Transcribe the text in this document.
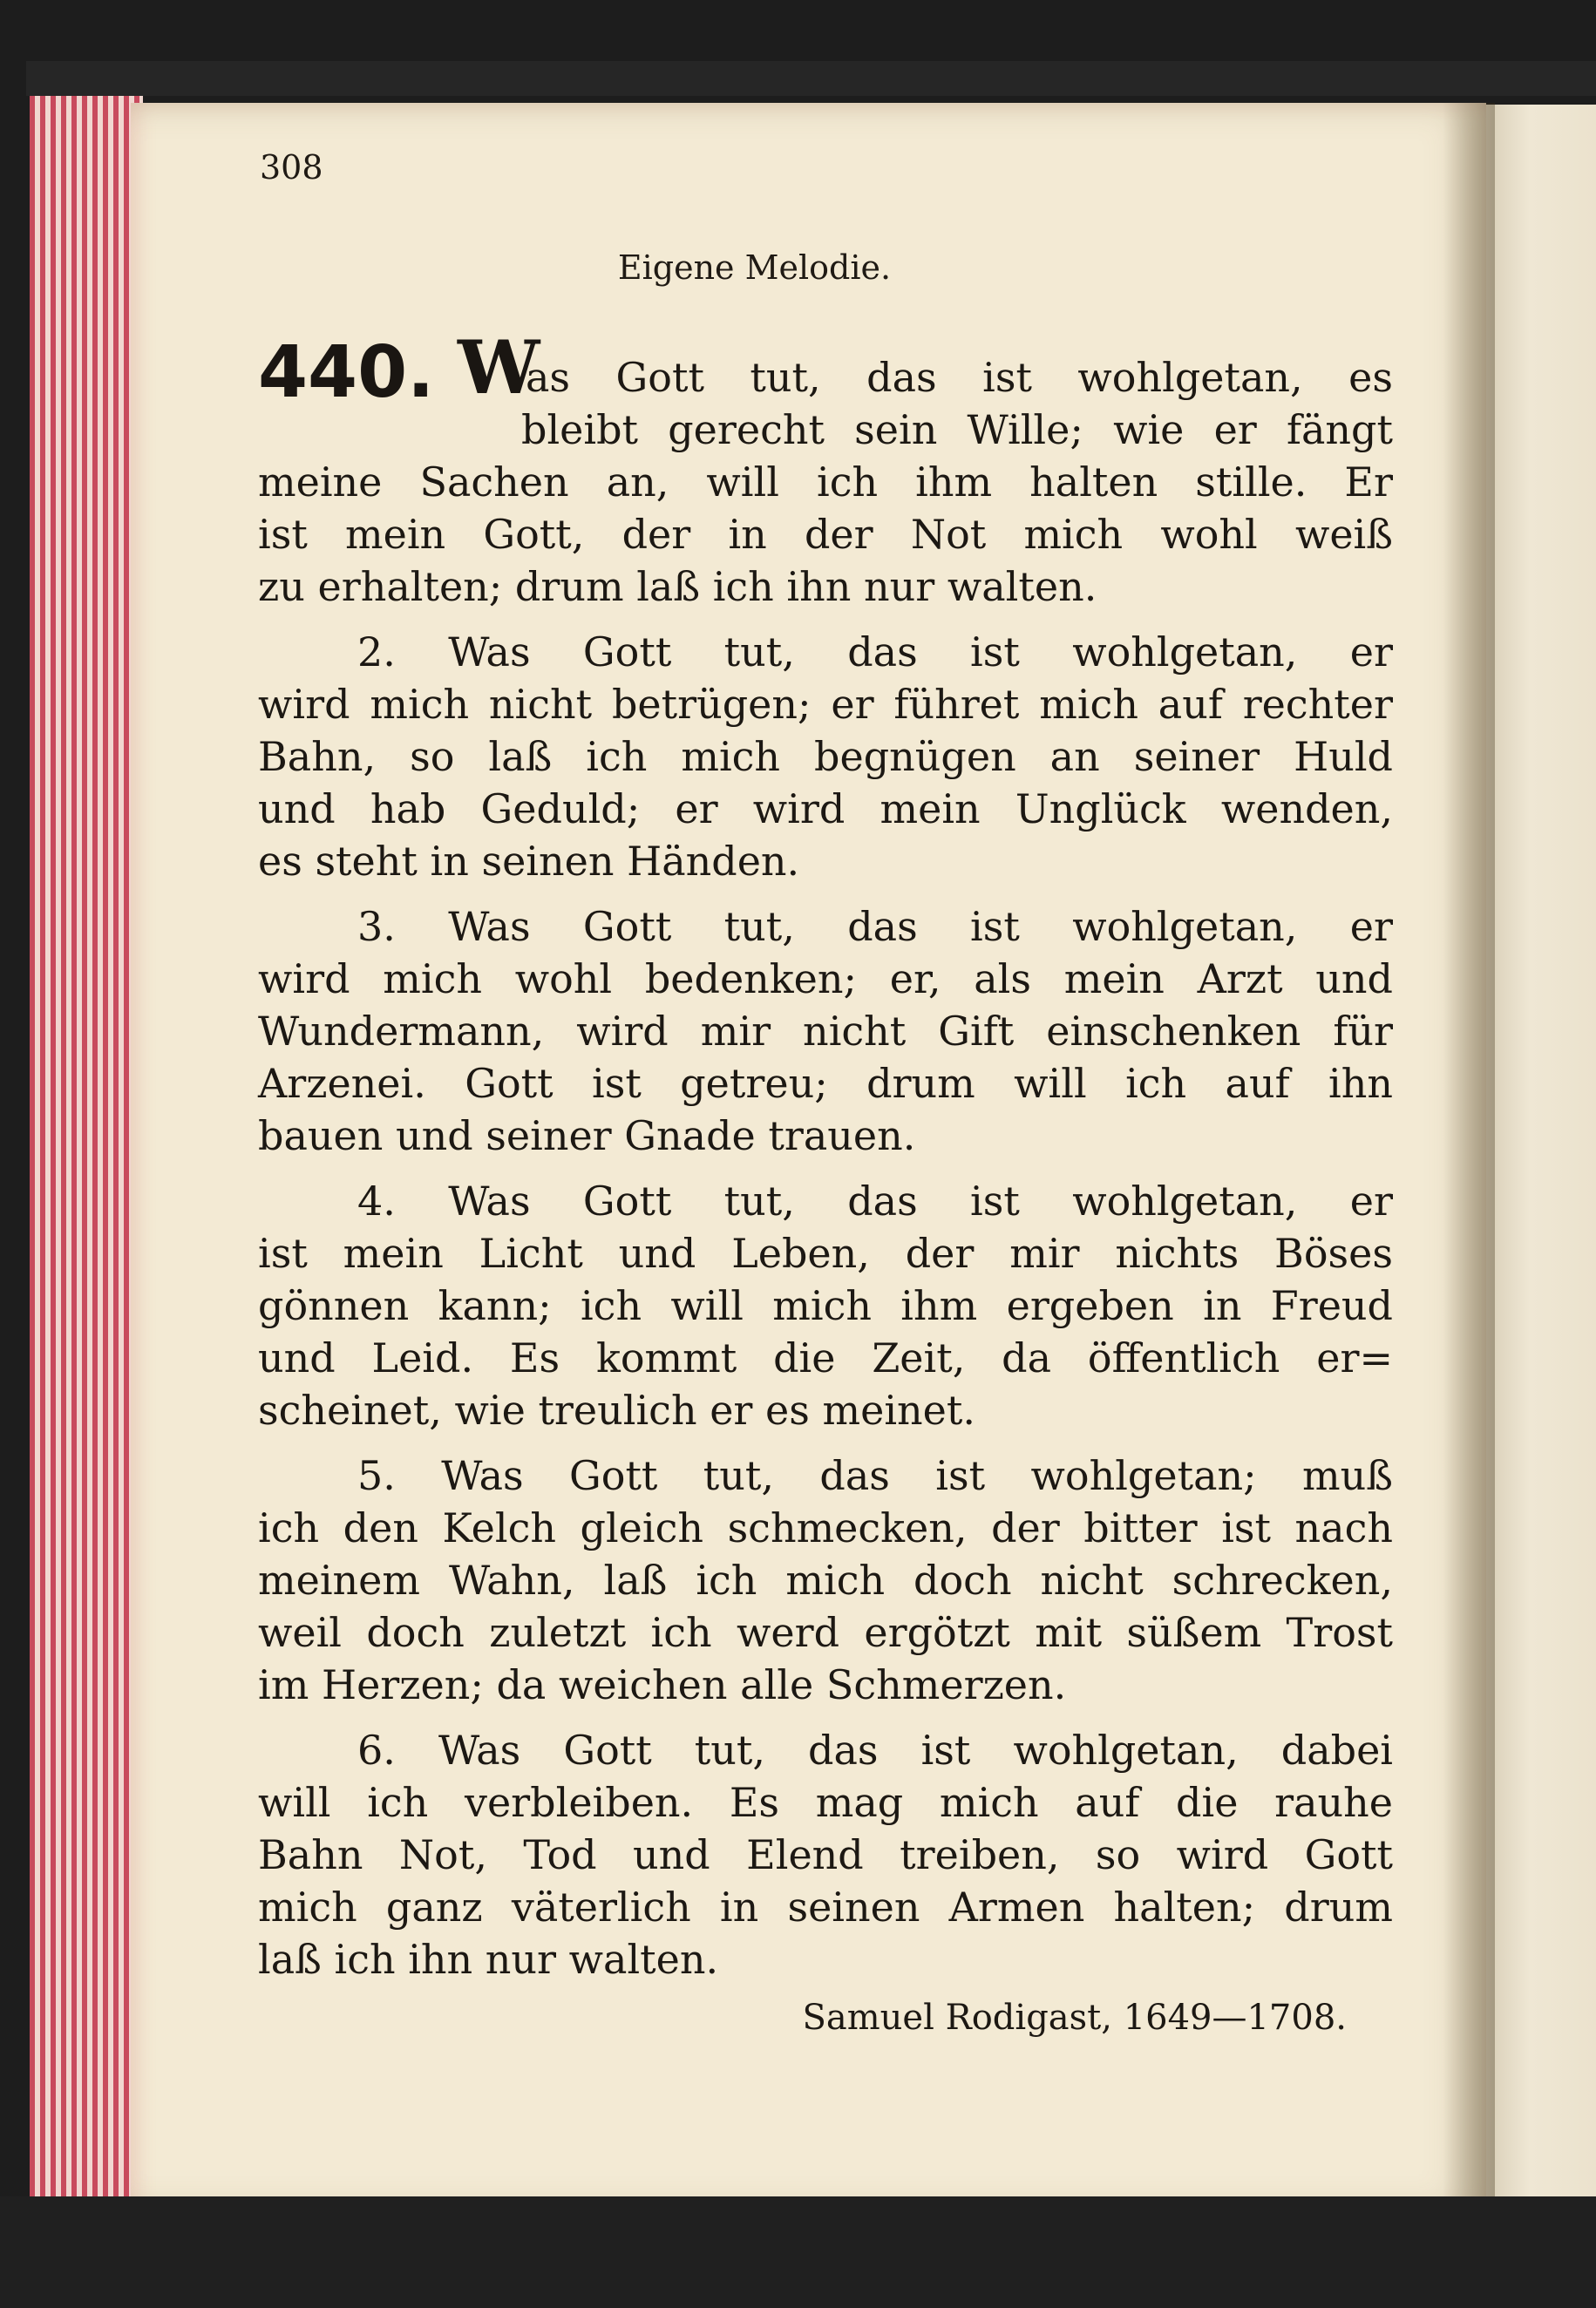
308
Eigene Melodie.
440. W
as Gott tut, das ist wohlgetan, es
bleibt gerecht sein Wille; wie er fängt
meine Sachen an, will ich ihm halten stille. Er
ist mein Gott, der in der Not mich wohl weiß
zu erhalten; drum laß ich ihn nur walten.
2. Was Gott tut, das ist wohlgetan, er
wird mich nicht betrügen; er führet mich auf rechter
Bahn, so laß ich mich begnügen an seiner Huld
und hab Geduld; er wird mein Unglück wenden,
es steht in seinen Händen.
3. Was Gott tut, das ist wohlgetan, er
wird mich wohl bedenken; er, als mein Arzt und
Wundermann, wird mir nicht Gift einschenken für
Arzenei. Gott ist getreu; drum will ich auf ihn
bauen und seiner Gnade trauen.
4. Was Gott tut, das ist wohlgetan, er
ist mein Licht und Leben, der mir nichts Böses
gönnen kann; ich will mich ihm ergeben in Freud
und Leid. Es kommt die Zeit, da öffentlich er=
scheinet, wie treulich er es meinet.
5. Was Gott tut, das ist wohlgetan; muß
ich den Kelch gleich schmecken, der bitter ist nach
meinem Wahn, laß ich mich doch nicht schrecken,
weil doch zuletzt ich werd ergötzt mit süßem Trost
im Herzen; da weichen alle Schmerzen.
6. Was Gott tut, das ist wohlgetan, dabei
will ich verbleiben. Es mag mich auf die rauhe
Bahn Not, Tod und Elend treiben, so wird Gott
mich ganz väterlich in seinen Armen halten; drum
laß ich ihn nur walten.
Samuel Rodigast, 1649—1708.
